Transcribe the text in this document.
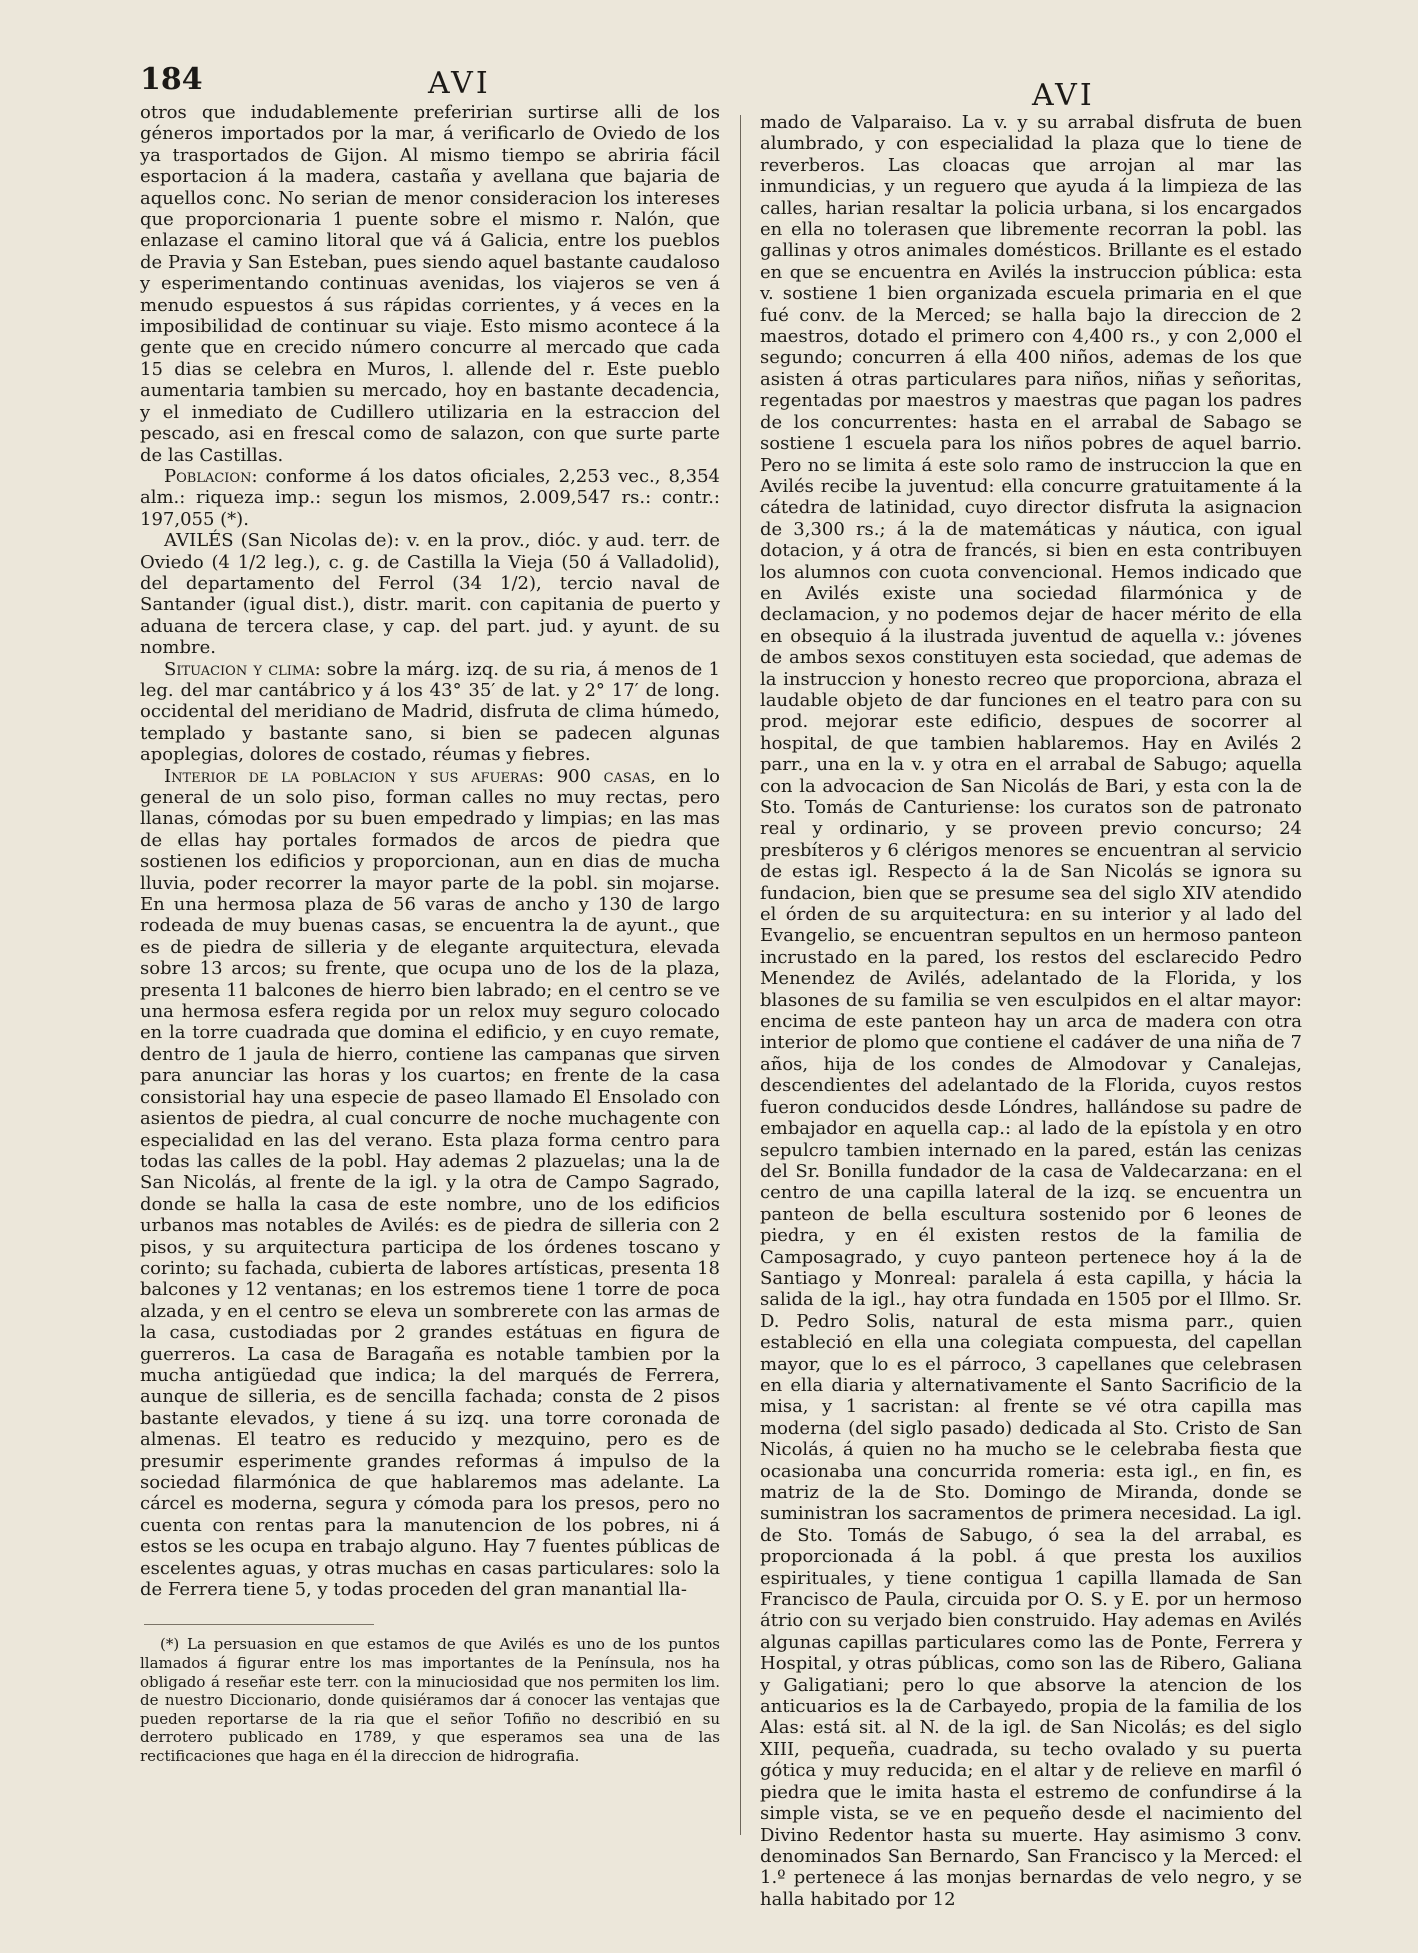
184	AVI	AVI

otros que indudablemente preferirian surtirse alli de los géneros importados por la mar, á verificarlo de Oviedo de los ya trasportados de Gijon. Al mismo tiempo se abriria fácil esportacion á la madera, castaña y avellana que bajaria de aquellos conc. No serian de menor consideracion los intereses que proporcionaria 1 puente sobre el mismo r. Nalón, que enlazase el camino litoral que vá á Galicia, entre los pueblos de Pravia y San Esteban, pues siendo aquel bastante caudaloso y esperimentando continuas avenidas, los viajeros se ven á menudo espuestos á sus rápidas corrientes, y á veces en la imposibilidad de continuar su viaje. Esto mismo acontece á la gente que en crecido número concurre al mercado que cada 15 dias se celebra en Muros, l. allende del r. Este pueblo aumentaria tambien su mercado, hoy en bastante decadencia, y el inmediato de Cudillero utilizaria en la estraccion del pescado, asi en frescal como de salazon, con que surte parte de las Castillas.

Poblacion: conforme á los datos oficiales, 2,253 vec., 8,354 alm.: riqueza imp.: segun los mismos, 2.009,547 rs.: contr.: 197,055 (*).

AVILÉS (San Nicolas de): v. en la prov., dióc. y aud. terr. de Oviedo (4 1/2 leg.), c. g. de Castilla la Vieja (50 á Valladolid), del departamento del Ferrol (34 1/2), tercio naval de Santander (igual dist.), distr. marit. con capitania de puerto y aduana de tercera clase, y cap. del part. jud. y ayunt. de su nombre.

Situacion y clima: sobre la márg. izq. de su ria, á menos de 1 leg. del mar cantábrico y á los 43° 35′ de lat. y 2° 17′ de long. occidental del meridiano de Madrid, disfruta de clima húmedo, templado y bastante sano, si bien se padecen algunas apoplegias, dolores de costado, réumas y fiebres.

Interior de la poblacion y sus afueras: 900 casas, en lo general de un solo piso, forman calles no muy rectas, pero llanas, cómodas por su buen empedrado y limpias; en las mas de ellas hay portales formados de arcos de piedra que sostienen los edificios y proporcionan, aun en dias de mucha lluvia, poder recorrer la mayor parte de la pobl. sin mojarse. En una hermosa plaza de 56 varas de ancho y 130 de largo rodeada de muy buenas casas, se encuentra la de ayunt., que es de piedra de silleria y de elegante arquitectura, elevada sobre 13 arcos; su frente, que ocupa uno de los de la plaza, presenta 11 balcones de hierro bien labrado; en el centro se ve una hermosa esfera regida por un relox muy seguro colocado en la torre cuadrada que domina el edificio, y en cuyo remate, dentro de 1 jaula de hierro, contiene las campanas que sirven para anunciar las horas y los cuartos; en frente de la casa consistorial hay una especie de paseo llamado El Ensolado con asientos de piedra, al cual concurre de noche muchagente con especialidad en las del verano. Esta plaza forma centro para todas las calles de la pobl. Hay ademas 2 plazuelas; una la de San Nicolás, al frente de la igl. y la otra de Campo Sagrado, donde se halla la casa de este nombre, uno de los edificios urbanos mas notables de Avilés: es de piedra de silleria con 2 pisos, y su arquitectura participa de los órdenes toscano y corinto; su fachada, cubierta de labores artísticas, presenta 18 balcones y 12 ventanas; en los estremos tiene 1 torre de poca alzada, y en el centro se eleva un sombrerete con las armas de la casa, custodiadas por 2 grandes estátuas en figura de guerreros. La casa de Baragaña es notable tambien por la mucha antigüedad que indica; la del marqués de Ferrera, aunque de silleria, es de sencilla fachada; consta de 2 pisos bastante elevados, y tiene á su izq. una torre coronada de almenas. El teatro es reducido y mezquino, pero es de presumir esperimente grandes reformas á impulso de la sociedad filarmónica de que hablaremos mas adelante. La cárcel es moderna, segura y cómoda para los presos, pero no cuenta con rentas para la manutencion de los pobres, ni á estos se les ocupa en trabajo alguno. Hay 7 fuentes públicas de escelentes aguas, y otras muchas en casas particulares: solo la de Ferrera tiene 5, y todas proceden del gran manantial lla-

(*) La persuasion en que estamos de que Avilés es uno de los puntos llamados á figurar entre los mas importantes de la Península, nos ha obligado á reseñar este terr. con la minuciosidad que nos permiten los lim. de nuestro Diccionario, donde quisiéramos dar á conocer las ventajas que pueden reportarse de la ria que el señor Tofiño no describió en su derrotero publicado en 1789, y que esperamos sea una de las rectificaciones que haga en él la direccion de hidrografia.

mado de Valparaiso. La v. y su arrabal disfruta de buen alumbrado, y con especialidad la plaza que lo tiene de reverberos. Las cloacas que arrojan al mar las inmundicias, y un reguero que ayuda á la limpieza de las calles, harian resaltar la policia urbana, si los encargados en ella no tolerasen que libremente recorran la pobl. las gallinas y otros animales domésticos. Brillante es el estado en que se encuentra en Avilés la instruccion pública: esta v. sostiene 1 bien organizada escuela primaria en el que fué conv. de la Merced; se halla bajo la direccion de 2 maestros, dotado el primero con 4,400 rs., y con 2,000 el segundo; concurren á ella 400 niños, ademas de los que asisten á otras particulares para niños, niñas y señoritas, regentadas por maestros y maestras que pagan los padres de los concurrentes: hasta en el arrabal de Sabago se sostiene 1 escuela para los niños pobres de aquel barrio. Pero no se limita á este solo ramo de instruccion la que en Avilés recibe la juventud: ella concurre gratuitamente á la cátedra de latinidad, cuyo director disfruta la asignacion de 3,300 rs.; á la de matemáticas y náutica, con igual dotacion, y á otra de francés, si bien en esta contribuyen los alumnos con cuota convencional. Hemos indicado que en Avilés existe una sociedad filarmónica y de declamacion, y no podemos dejar de hacer mérito de ella en obsequio á la ilustrada juventud de aquella v.: jóvenes de ambos sexos constituyen esta sociedad, que ademas de la instruccion y honesto recreo que proporciona, abraza el laudable objeto de dar funciones en el teatro para con su prod. mejorar este edificio, despues de socorrer al hospital, de que tambien hablaremos. Hay en Avilés 2 parr., una en la v. y otra en el arrabal de Sabugo; aquella con la advocacion de San Nicolás de Bari, y esta con la de Sto. Tomás de Canturiense: los curatos son de patronato real y ordinario, y se proveen previo concurso; 24 presbíteros y 6 clérigos menores se encuentran al servicio de estas igl. Respecto á la de San Nicolás se ignora su fundacion, bien que se presume sea del siglo XIV atendido el órden de su arquitectura: en su interior y al lado del Evangelio, se encuentran sepultos en un hermoso panteon incrustado en la pared, los restos del esclarecido Pedro Menendez de Avilés, adelantado de la Florida, y los blasones de su familia se ven esculpidos en el altar mayor: encima de este panteon hay un arca de madera con otra interior de plomo que contiene el cadáver de una niña de 7 años, hija de los condes de Almodovar y Canalejas, descendientes del adelantado de la Florida, cuyos restos fueron conducidos desde Lóndres, hallándose su padre de embajador en aquella cap.: al lado de la epístola y en otro sepulcro tambien internado en la pared, están las cenizas del Sr. Bonilla fundador de la casa de Valdecarzana: en el centro de una capilla lateral de la izq. se encuentra un panteon de bella escultura sostenido por 6 leones de piedra, y en él existen restos de la familia de Camposagrado, y cuyo panteon pertenece hoy á la de Santiago y Monreal: paralela á esta capilla, y hácia la salida de la igl., hay otra fundada en 1505 por el Illmo. Sr. D. Pedro Solis, natural de esta misma parr., quien estableció en ella una colegiata compuesta, del capellan mayor, que lo es el párroco, 3 capellanes que celebrasen en ella diaria y alternativamente el Santo Sacrificio de la misa, y 1 sacristan: al frente se vé otra capilla mas moderna (del siglo pasado) dedicada al Sto. Cristo de San Nicolás, á quien no ha mucho se le celebraba fiesta que ocasionaba una concurrida romeria: esta igl., en fin, es matriz de la de Sto. Domingo de Miranda, donde se suministran los sacramentos de primera necesidad. La igl. de Sto. Tomás de Sabugo, ó sea la del arrabal, es proporcionada á la pobl. á que presta los auxilios espirituales, y tiene contigua 1 capilla llamada de San Francisco de Paula, circuida por O. S. y E. por un hermoso átrio con su verjado bien construido. Hay ademas en Avilés algunas capillas particulares como las de Ponte, Ferrera y Hospital, y otras públicas, como son las de Ribero, Galiana y Galigatiani; pero lo que absorve la atencion de los anticuarios es la de Carbayedo, propia de la familia de los Alas: está sit. al N. de la igl. de San Nicolás; es del siglo XIII, pequeña, cuadrada, su techo ovalado y su puerta gótica y muy reducida; en el altar y de relieve en marfil ó piedra que le imita hasta el estremo de confundirse á la simple vista, se ve en pequeño desde el nacimiento del Divino Redentor hasta su muerte. Hay asimismo 3 conv. denominados San Bernardo, San Francisco y la Merced: el 1.º pertenece á las monjas bernardas de velo negro, y se halla habitado por 12
